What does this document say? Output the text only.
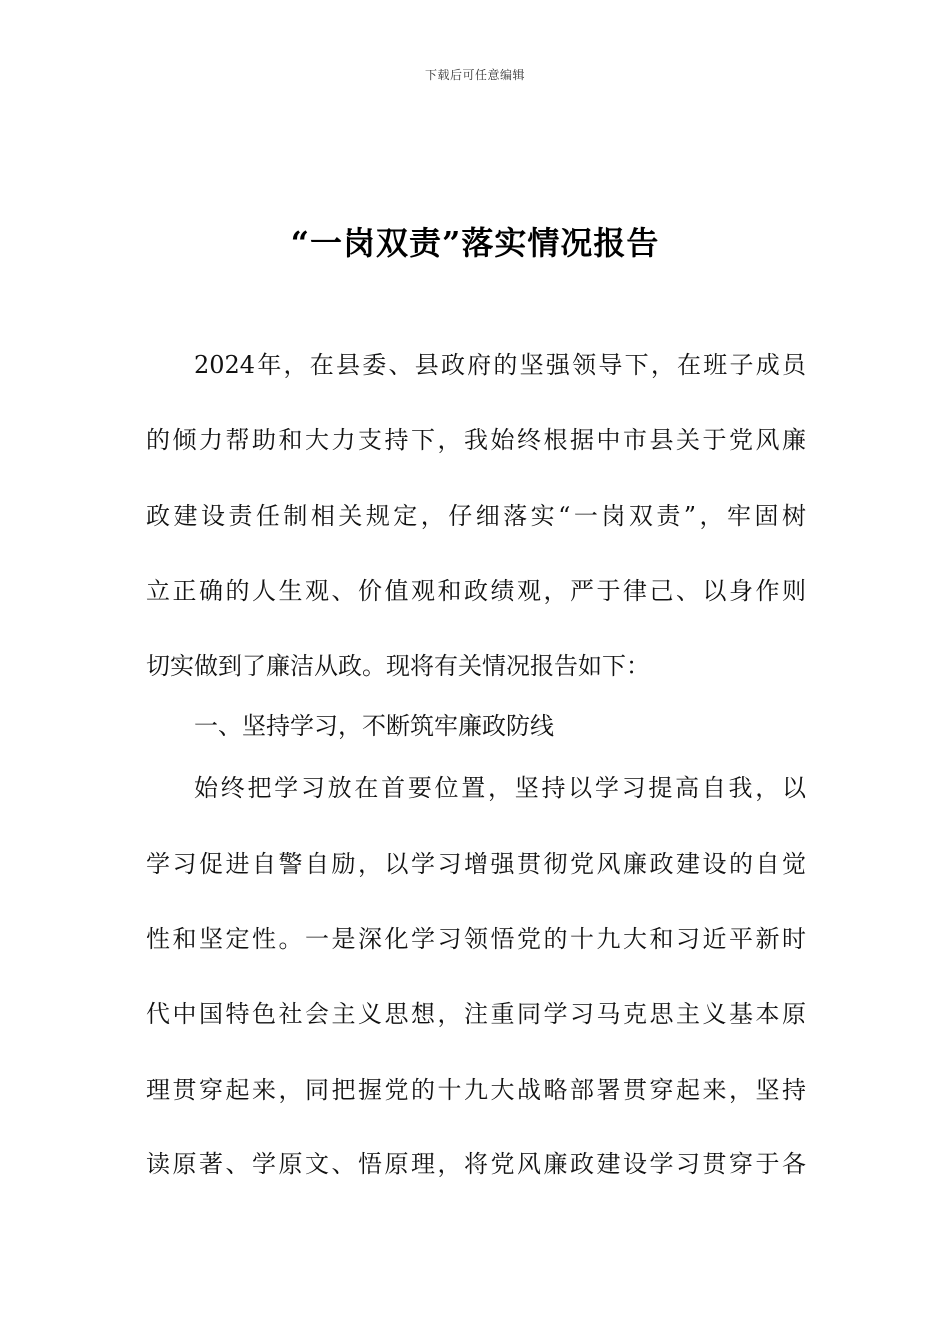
下载后可任意编辑
“一岗双责”落实情况报告
2024年，在县委、县政府的坚强领导下，在班子成员
的倾力帮助和大力支持下，我始终根据中市县关于党风廉
政建设责任制相关规定，仔细落实“一岗双责”，牢固树
立正确的人生观、价值观和政绩观，严于律己、以身作则
切实做到了廉洁从政。现将有关情况报告如下：
一、坚持学习，不断筑牢廉政防线
始终把学习放在首要位置，坚持以学习提高自我，以
学习促进自警自励，以学习增强贯彻党风廉政建设的自觉
性和坚定性。一是深化学习领悟党的十九大和习近平新时
代中国特色社会主义思想，注重同学习马克思主义基本原
理贯穿起来，同把握党的十九大战略部署贯穿起来，坚持
读原著、学原文、悟原理，将党风廉政建设学习贯穿于各
